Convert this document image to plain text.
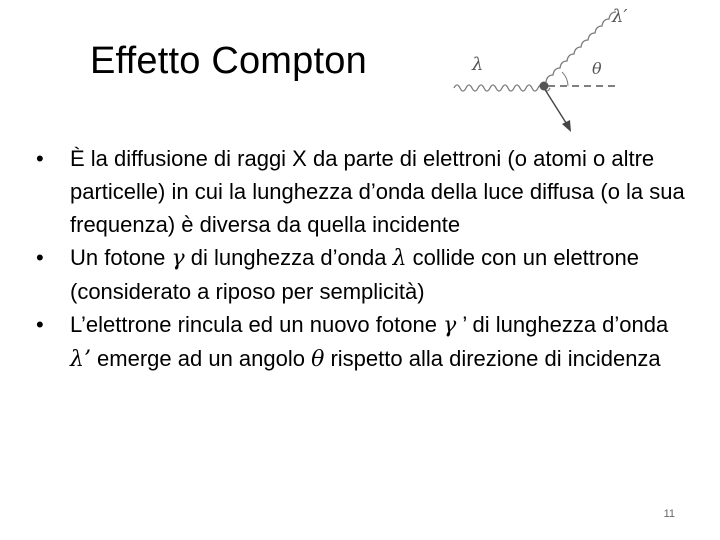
Effetto Compton	λ
λ′
θ
•	È la diffusione di raggi X da parte di elettroni (o atomi o altre particelle) in cui la lunghezza d’onda della luce diffusa (o la sua frequenza) è diversa da quella incidente
•	Un fotone γ di lunghezza d’onda λ collide con un elettrone (considerato a riposo per semplicità)
•	L’elettrone rincula ed un nuovo fotone γ ’ di lunghezza d’onda λ’ emerge ad un angolo θ rispetto alla direzione di incidenza
11
